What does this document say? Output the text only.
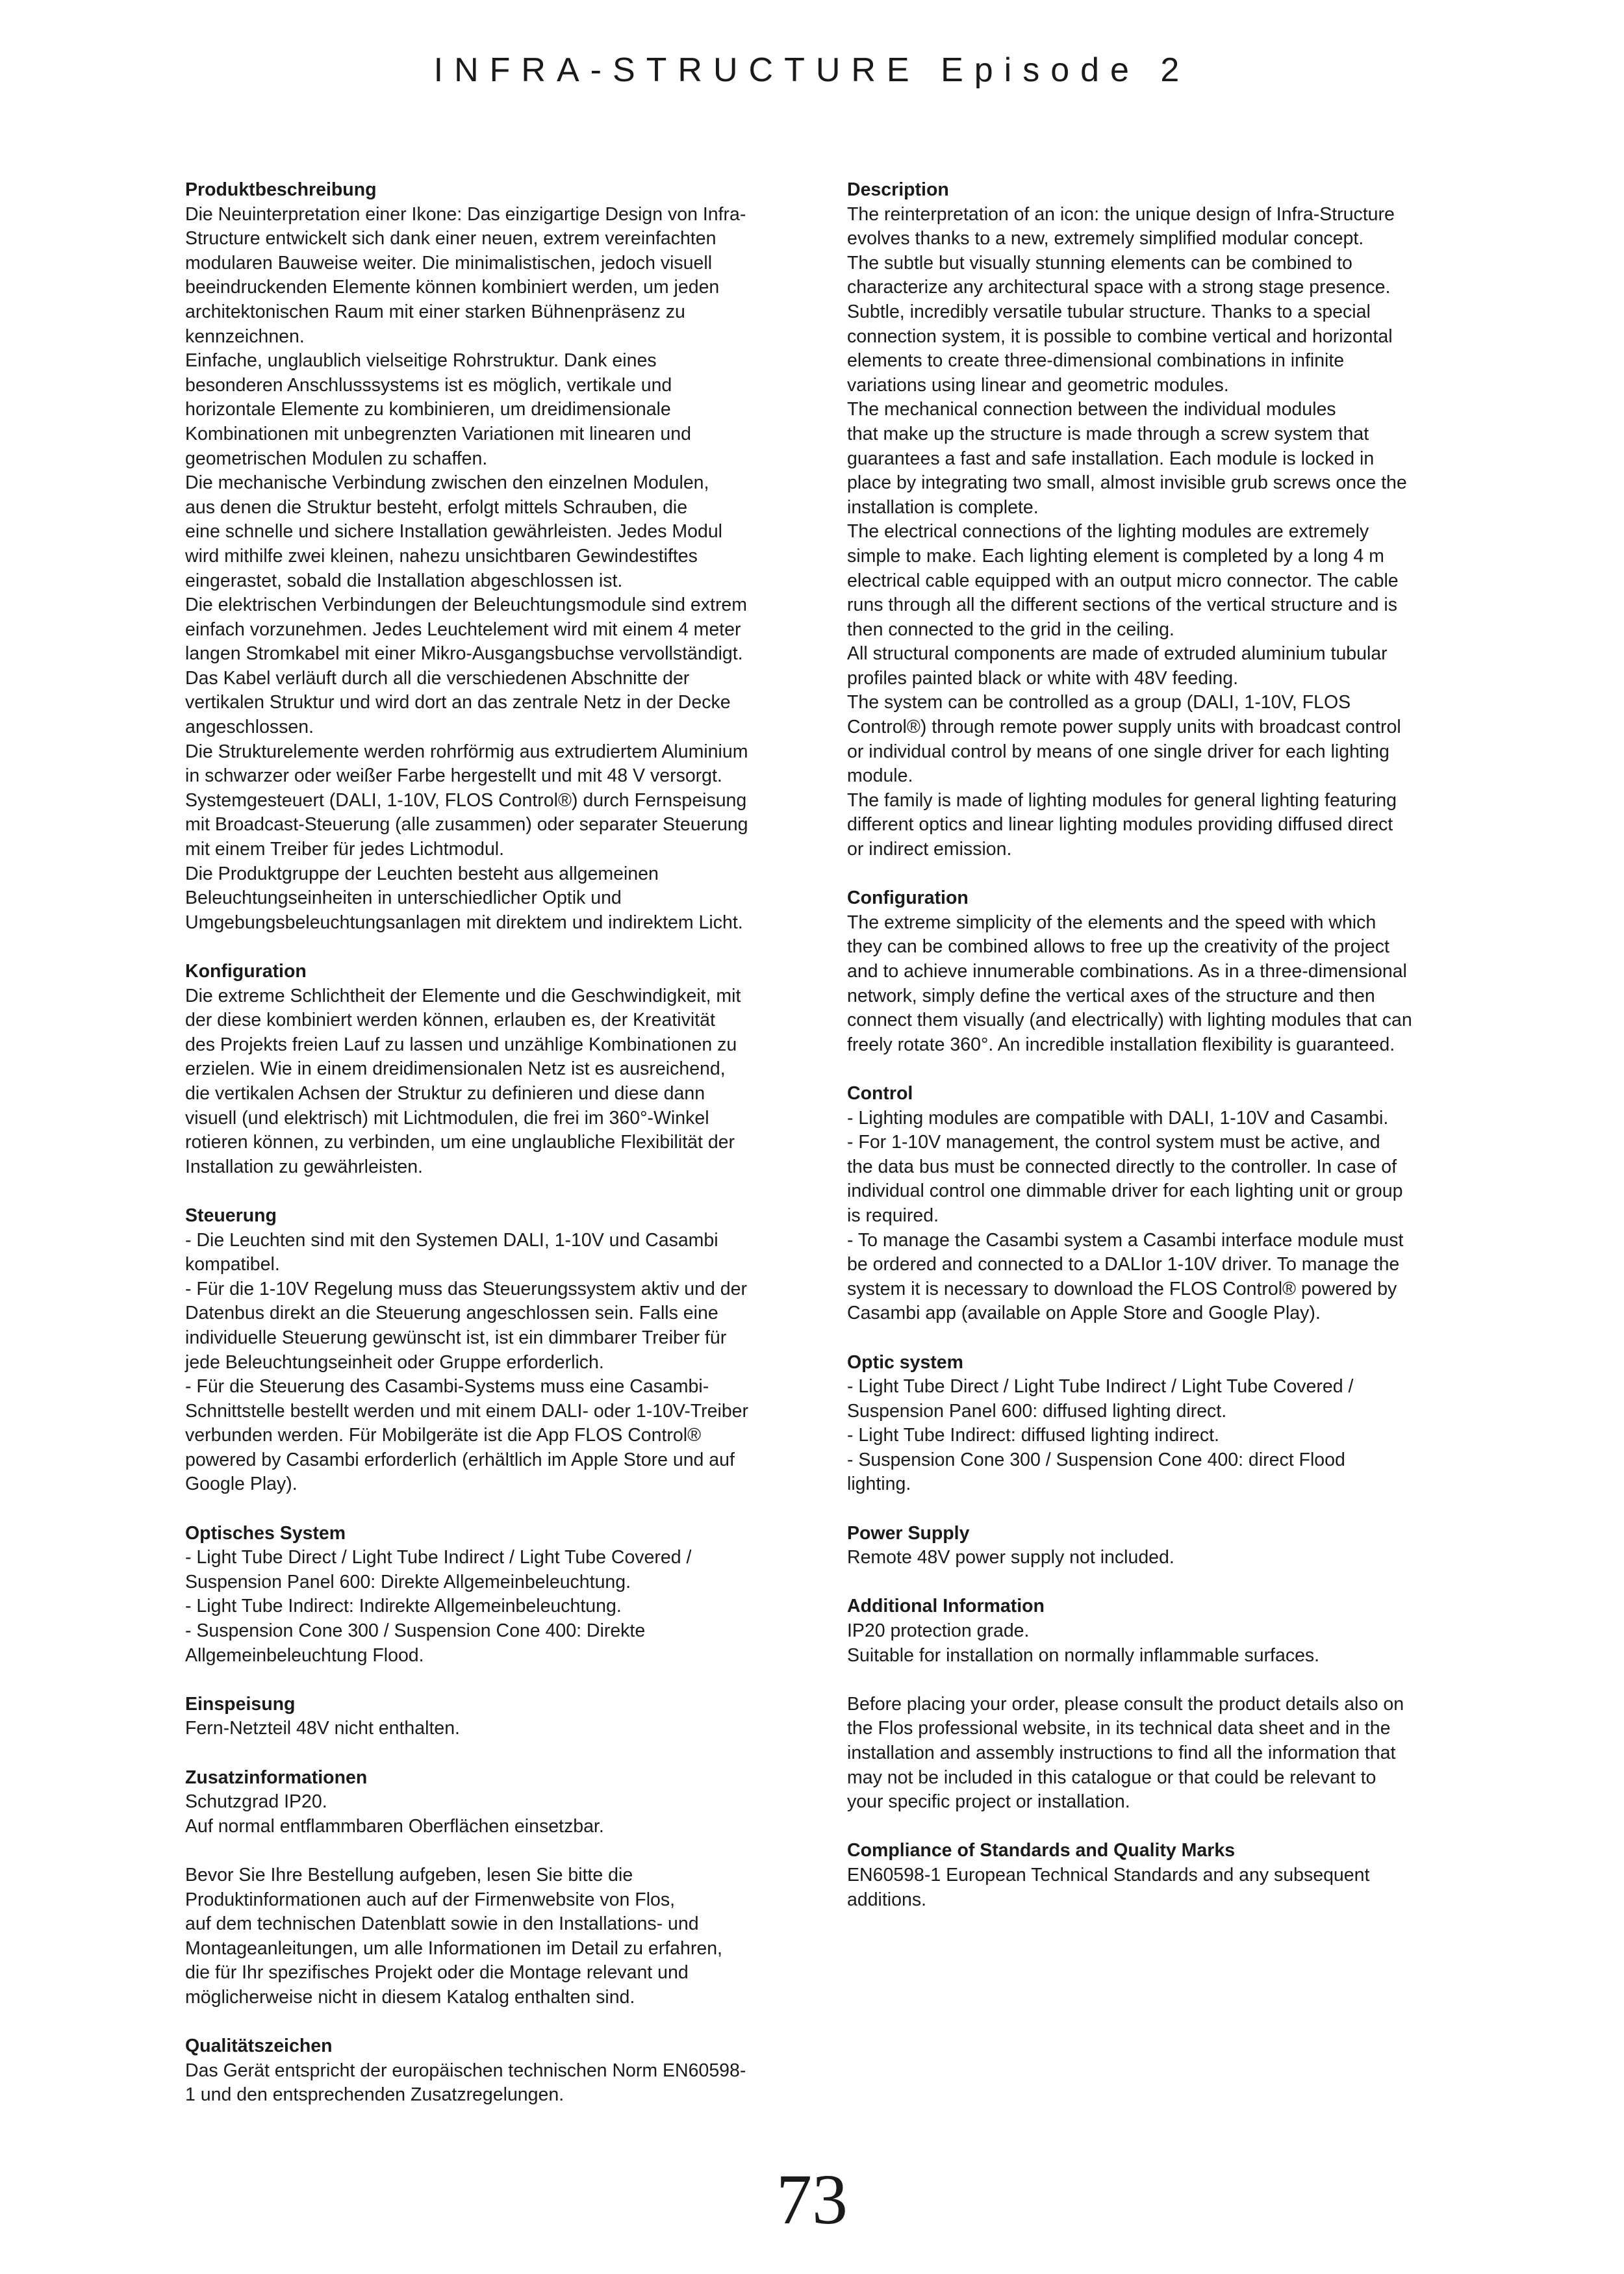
INFRA-STRUCTURE Episode 2
Produktbeschreibung

Die Neuinterpretation einer Ikone: Das einzigartige Design von Infra-
Structure entwickelt sich dank einer neuen, extrem vereinfachten
modularen Bauweise weiter. Die minimalistischen, jedoch visuell
beeindruckenden Elemente können kombiniert werden, um jeden
architektonischen Raum mit einer starken Bühnenpräsenz zu
kennzeichnen.
Einfache, unglaublich vielseitige Rohrstruktur. Dank eines
besonderen Anschlusssystems ist es möglich, vertikale und
horizontale Elemente zu kombinieren, um dreidimensionale
Kombinationen mit unbegrenzten Variationen mit linearen und
geometrischen Modulen zu schaffen.
Die mechanische Verbindung zwischen den einzelnen Modulen,
aus denen die Struktur besteht, erfolgt mittels Schrauben, die
eine schnelle und sichere Installation gewährleisten. Jedes Modul
wird mithilfe zwei kleinen, nahezu unsichtbaren Gewindestiftes
eingerastet, sobald die Installation abgeschlossen ist.
Die elektrischen Verbindungen der Beleuchtungsmodule sind extrem
einfach vorzunehmen. Jedes Leuchtelement wird mit einem 4 meter
langen Stromkabel mit einer Mikro-Ausgangsbuchse vervollständigt.
Das Kabel verläuft durch all die verschiedenen Abschnitte der
vertikalen Struktur und wird dort an das zentrale Netz in der Decke
angeschlossen.
Die Strukturelemente werden rohrförmig aus extrudiertem Aluminium
in schwarzer oder weißer Farbe hergestellt und mit 48 V versorgt.
Systemgesteuert (DALI, 1-10V, FLOS Control®) durch Fernspeisung
mit Broadcast-Steuerung (alle zusammen) oder separater Steuerung
mit einem Treiber für jedes Lichtmodul.
Die Produktgruppe der Leuchten besteht aus allgemeinen
Beleuchtungseinheiten in unterschiedlicher Optik und
Umgebungsbeleuchtungsanlagen mit direktem und indirektem Licht.

Konfiguration

Die extreme Schlichtheit der Elemente und die Geschwindigkeit, mit
der diese kombiniert werden können, erlauben es, der Kreativität
des Projekts freien Lauf zu lassen und unzählige Kombinationen zu
erzielen. Wie in einem dreidimensionalen Netz ist es ausreichend,
die vertikalen Achsen der Struktur zu definieren und diese dann
visuell (und elektrisch) mit Lichtmodulen, die frei im 360°-Winkel
rotieren können, zu verbinden, um eine unglaubliche Flexibilität der
Installation zu gewährleisten.

Steuerung

- Die Leuchten sind mit den Systemen DALI, 1-10V und Casambi
kompatibel.
- Für die 1-10V Regelung muss das Steuerungssystem aktiv und der
Datenbus direkt an die Steuerung angeschlossen sein. Falls eine
individuelle Steuerung gewünscht ist, ist ein dimmbarer Treiber für
jede Beleuchtungseinheit oder Gruppe erforderlich.
- Für die Steuerung des Casambi-Systems muss eine Casambi-
Schnittstelle bestellt werden und mit einem DALI- oder 1-10V-Treiber
verbunden werden. Für Mobilgeräte ist die App FLOS Control®
powered by Casambi erforderlich (erhältlich im Apple Store und auf
Google Play).

Optisches System

- Light Tube Direct / Light Tube Indirect / Light Tube Covered /
Suspension Panel 600: Direkte Allgemeinbeleuchtung.
- Light Tube Indirect: Indirekte Allgemeinbeleuchtung.
- Suspension Cone 300 / Suspension Cone 400: Direkte
Allgemeinbeleuchtung Flood.

Einspeisung

Fern-Netzteil 48V nicht enthalten.

Zusatzinformationen

Schutzgrad IP20.
Auf normal entflammbaren Oberflächen einsetzbar.

Bevor Sie Ihre Bestellung aufgeben, lesen Sie bitte die
Produktinformationen auch auf der Firmenwebsite von Flos,
auf dem technischen Datenblatt sowie in den Installations- und
Montageanleitungen, um alle Informationen im Detail zu erfahren,
die für Ihr spezifisches Projekt oder die Montage relevant und
möglicherweise nicht in diesem Katalog enthalten sind.

Qualitätszeichen

Das Gerät entspricht der europäischen technischen Norm EN60598-
1 und den entsprechenden Zusatzregelungen.

Description

The reinterpretation of an icon: the unique design of Infra-Structure
evolves thanks to a new, extremely simplified modular concept.
The subtle but visually stunning elements can be combined to
characterize any architectural space with a strong stage presence.
Subtle, incredibly versatile tubular structure. Thanks to a special
connection system, it is possible to combine vertical and horizontal
elements to create three-dimensional combinations in infinite
variations using linear and geometric modules.
The mechanical connection between the individual modules
that make up the structure is made through a screw system that
guarantees a fast and safe installation. Each module is locked in
place by integrating two small, almost invisible grub screws once the
installation is complete.
The electrical connections of the lighting modules are extremely
simple to make. Each lighting element is completed by a long 4 m
electrical cable equipped with an output micro connector. The cable
runs through all the different sections of the vertical structure and is
then connected to the grid in the ceiling.
All structural components are made of extruded aluminium tubular
profiles painted black or white with 48V feeding.
The system can be controlled as a group (DALI, 1-10V, FLOS
Control®) through remote power supply units with broadcast control
or individual control by means of one single driver for each lighting
module.
The family is made of lighting modules for general lighting featuring
different optics and linear lighting modules providing diffused direct
or indirect emission.

Configuration

The extreme simplicity of the elements and the speed with which
they can be combined allows to free up the creativity of the project
and to achieve innumerable combinations. As in a three-dimensional
network, simply define the vertical axes of the structure and then
connect them visually (and electrically) with lighting modules that can
freely rotate 360°. An incredible installation flexibility is guaranteed.

Control

- Lighting modules are compatible with DALI, 1-10V and Casambi.
- For 1-10V management, the control system must be active, and
the data bus must be connected directly to the controller. In case of
individual control one dimmable driver for each lighting unit or group
is required.
- To manage the Casambi system a Casambi interface module must
be ordered and connected to a DALIor 1-10V driver. To manage the
system it is necessary to download the FLOS Control® powered by
Casambi app (available on Apple Store and Google Play).

Optic system

- Light Tube Direct / Light Tube Indirect / Light Tube Covered /
Suspension Panel 600: diffused lighting direct.
- Light Tube Indirect: diffused lighting indirect.
- Suspension Cone 300 / Suspension Cone 400: direct Flood
lighting.

Power Supply

Remote 48V power supply not included.

Additional Information

IP20 protection grade.
Suitable for installation on normally inflammable surfaces.

Before placing your order, please consult the product details also on
the Flos professional website, in its technical data sheet and in the
installation and assembly instructions to find all the information that
may not be included in this catalogue or that could be relevant to
your specific project or installation.

Compliance of Standards and Quality Marks

EN60598-1 European Technical Standards and any subsequent
additions.

73
